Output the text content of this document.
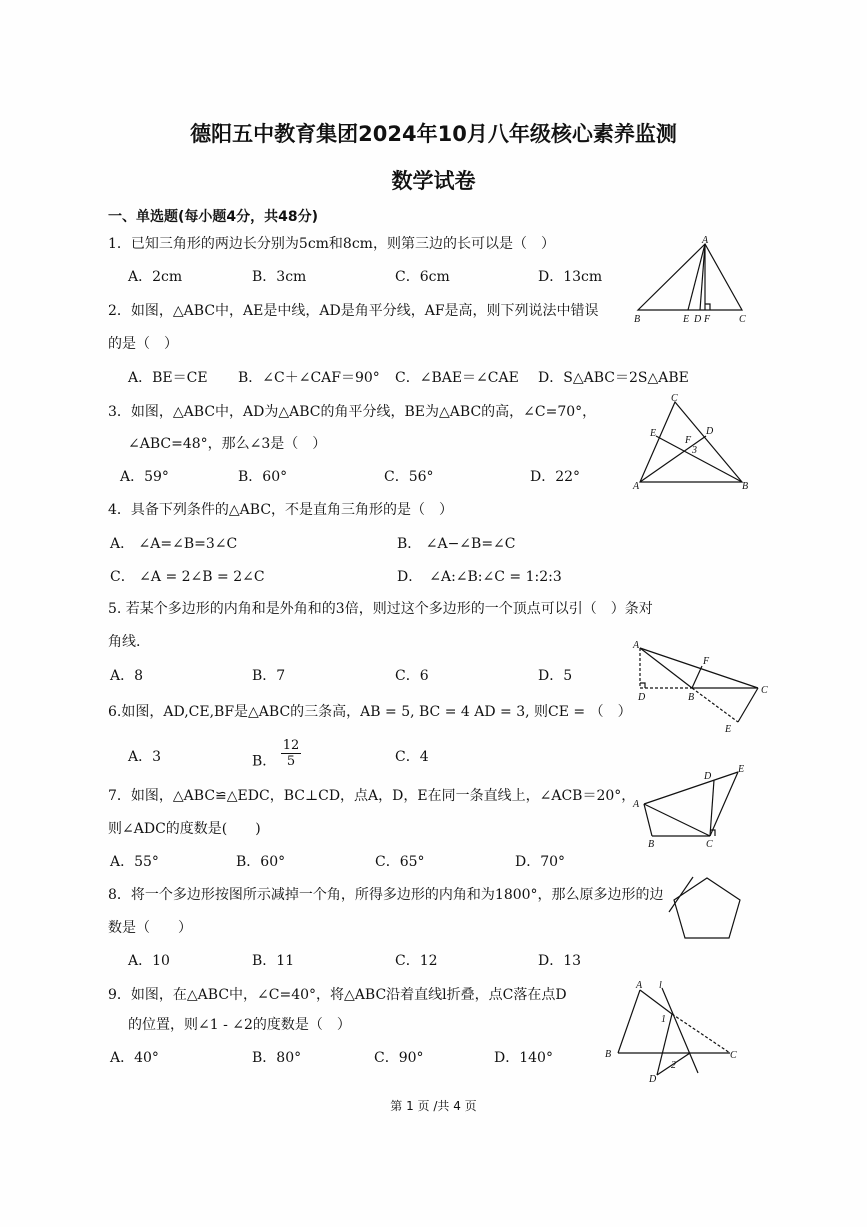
德阳五中教育集团2024年10月八年级核心素养监测
数学试卷
一、单选题(每小题4分，共48分)
1．已知三角形的两边长分别为5cm和8cm，则第三边的长可以是（　）
A．2cm	B．3cm	C．6cm	D．13cm
A
B	E D F	C
2．如图，△ABC中，AE是中线，AD是角平分线，AF是高，则下列说法中错误
的是（　）
A．BE＝CE B．∠C＋∠CAF＝90° C．∠BAE＝∠CAE D．S△ABC＝2S△ABE
3．如图，△ABC中，AD为△ABC的角平分线，BE为△ABC的高，∠C=70°，
∠ABC=48°，那么∠3是（　）
A．59°	B．60°	C．56°	D．22°
C
E	D
F
3
A	B
4．具备下列条件的△ABC，不是直角三角形的是（　）
A． ∠A=∠B=3∠C	B． ∠A−∠B=∠C
C． ∠A = 2∠B = 2∠C	D．　∠A:∠B:∠C = 1:2:3
5. 若某个多边形的内角和是外角和的3倍，则过这个多边形的一个顶点可以引（　）条对
角线.
A．8	B．7	C．6	D．5
A
F
D	B
C
E
6.如图，AD,CE,BF是△ABC的三条高，AB = 5, BC = 4 AD = 3, 则CE = （　）
A．3	B． $\frac{12}{5}$	C．4
7．如图，△ABC≌△EDC，BC⊥CD，点A，D，E在同一条直线上，∠ACB＝20°，
则∠ADC的度数是(　　)
A．55°	B．60°	C．65°	D．70°
D
E
A
B	C
8．将一个多边形按图所示减掉一个角，所得多边形的内角和为1800°，那么原多边形的边
数是（　　）
A．10	B．11	C．12	D．13
9．如图，在△ABC中，∠C=40°，将△ABC沿着直线l折叠，点C落在点D
的位置，则∠1 - ∠2的度数是（　）
A．40°	B．80°	C．90°	D．140°
A l
1
B
2
C
D
第 1 页 /共 4 页
